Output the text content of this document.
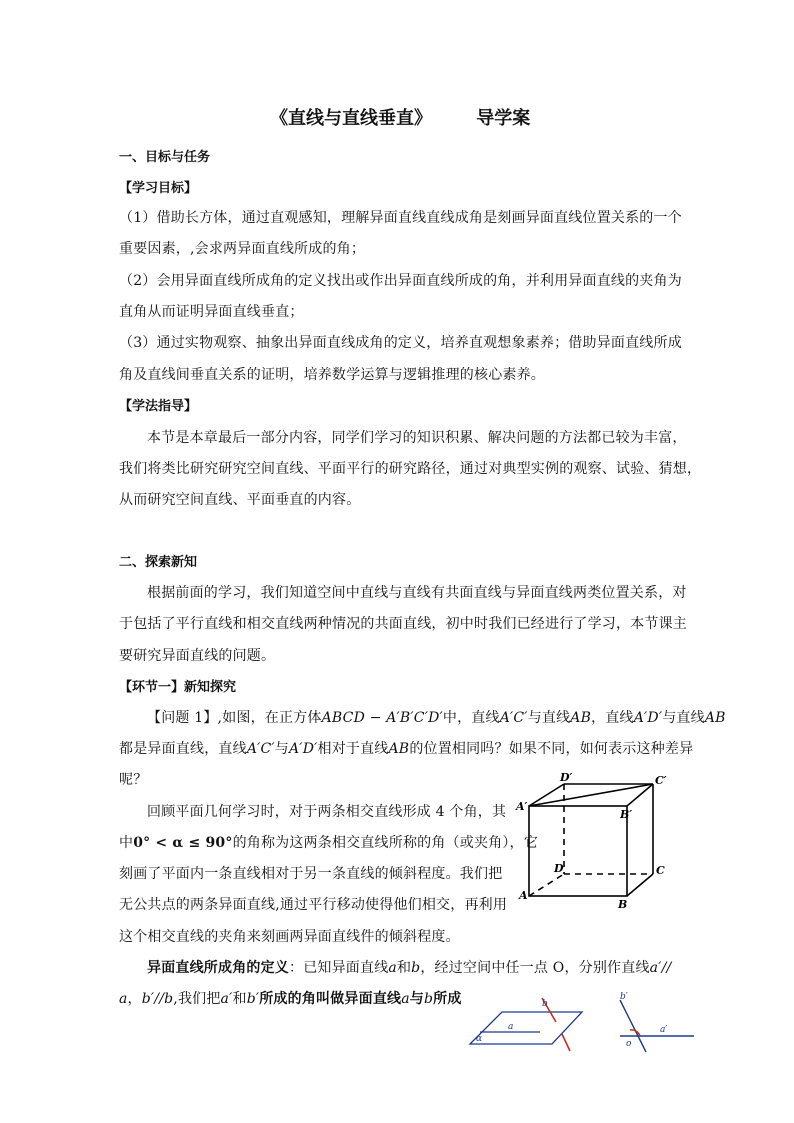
《直线与直线垂直》 导学案
一、目标与任务
【学习目标】
（1）借助长方体，通过直观感知，理解异面直线直线成角是刻画异面直线位置关系的一个
重要因素，,会求两异面直线所成的角；
（2）会用异面直线所成角的定义找出或作出异面直线所成的角，并利用异面直线的夹角为
直角从而证明异面直线垂直；
（3）通过实物观察、抽象出异面直线成角的定义，培养直观想象素养；借助异面直线所成
角及直线间垂直关系的证明，培养数学运算与逻辑推理的核心素养。
【学法指导】
本节是本章最后一部分内容，同学们学习的知识积累、解决问题的方法都已较为丰富，
我们将类比研究研究空间直线、平面平行的研究路径，通过对典型实例的观察、试验、猜想，
从而研究空间直线、平面垂直的内容。
二、探索新知
根据前面的学习，我们知道空间中直线与直线有共面直线与异面直线两类位置关系，对
于包括了平行直线和相交直线两种情况的共面直线，初中时我们已经进行了学习，本节课主
要研究异面直线的问题。
【环节一】新知探究
【问题 1】,如图，在正方体ABCD − A′B′C′D′中，直线A′C′与直线AB，直线A′D′与直线AB
都是异面直线，直线A′C′与A′D′相对于直线AB的位置相同吗？如果不同，如何表示这种差异
呢？
回顾平面几何学习时，对于两条相交直线形成 4 个角，其
中0° < α ≤ 90°的角称为这两条相交直线所称的角（或夹角），它
刻画了平面内一条直线相对于另一条直线的倾斜程度。我们把
无公共点的两条异面直线,通过平行移动使得他们相交，再利用
这个相交直线的夹角来刻画两异面直线件的倾斜程度。
异面直线所成角的定义：已知异面直线a和b，经过空间中任一点 O，分别作直线a′//
a，b′//b,我们把a′和b′所成的角叫做异面直线a与b所成
D′	C′
A′
B′
D	C
A
B
a
b
α
b′
a′
o
